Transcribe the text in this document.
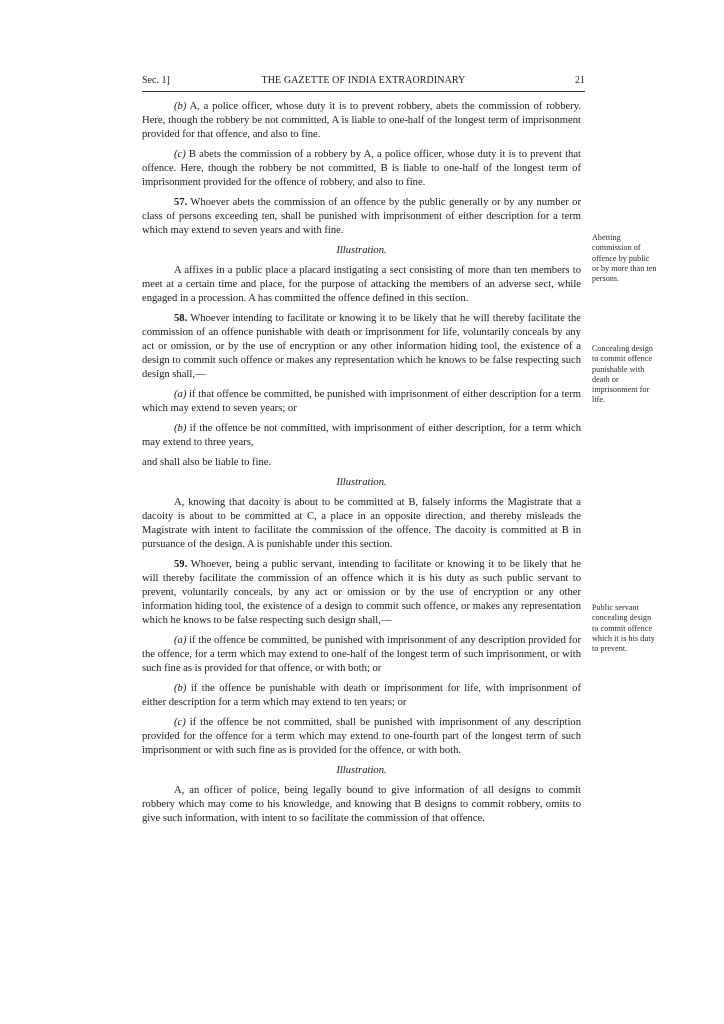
Sec. 1]	THE GAZETTE OF INDIA EXTRAORDINARY	21

(b) A, a police officer, whose duty it is to prevent robbery, abets the commission of robbery. Here, though the robbery be not committed, A is liable to one-half of the longest term of imprisonment provided for that offence, and also to fine.

(c) B abets the commission of a robbery by A, a police officer, whose duty it is to prevent that offence. Here, though the robbery be not committed, B is liable to one-half of the longest term of imprisonment provided for the offence of robbery, and also to fine.

57. Whoever abets the commission of an offence by the public generally or by any number or class of persons exceeding ten, shall be punished with imprisonment of either description for a term which may extend to seven years and with fine.

Illustration.

A affixes in a public place a placard instigating a sect consisting of more than ten members to meet at a certain time and place, for the purpose of attacking the members of an adverse sect, while engaged in a procession. A has committed the offence defined in this section.

58. Whoever intending to facilitate or knowing it to be likely that he will thereby facilitate the commission of an offence punishable with death or imprisonment for life, voluntarily conceals by any act or omission, or by the use of encryption or any other information hiding tool, the existence of a design to commit such offence or makes any representation which he knows to be false respecting such design shall,—

(a) if that offence be committed, be punished with imprisonment of either description for a term which may extend to seven years; or

(b) if the offence be not committed, with imprisonment of either description, for a term which may extend to three years,

and shall also be liable to fine.

Illustration.

A, knowing that dacoity is about to be committed at B, falsely informs the Magistrate that a dacoity is about to be committed at C, a place in an opposite direction, and thereby misleads the Magistrate with intent to facilitate the commission of the offence. The dacoity is committed at B in pursuance of the design. A is punishable under this section.

59. Whoever, being a public servant, intending to facilitate or knowing it to be likely that he will thereby facilitate the commission of an offence which it is his duty as such public servant to prevent, voluntarily conceals, by any act or omission or by the use of encryption or any other information hiding tool, the existence of a design to commit such offence, or makes any representation which he knows to be false respecting such design shall,—

(a) if the offence be committed, be punished with imprisonment of any description provided for the offence, for a term which may extend to one-half of the longest term of such imprisonment, or with such fine as is provided for that offence, or with both; or

(b) if the offence be punishable with death or imprisonment for life, with imprisonment of either description for a term which may extend to ten years; or

(c) if the offence be not committed, shall be punished with imprisonment of any description provided for the offence for a term which may extend to one-fourth part of the longest term of such imprisonment or with such fine as is provided for the offence, or with both.

Illustration.

A, an officer of police, being legally bound to give information of all designs to commit robbery which may come to his knowledge, and knowing that B designs to commit robbery, omits to give such information, with intent to so facilitate the commission of that offence.

Abetting commission of offence by public or by more than ten persons.
Concealing design to commit offence punishable with death or imprisonment for life.
Public servant concealing design to commit offence which it is his duty to prevent.
